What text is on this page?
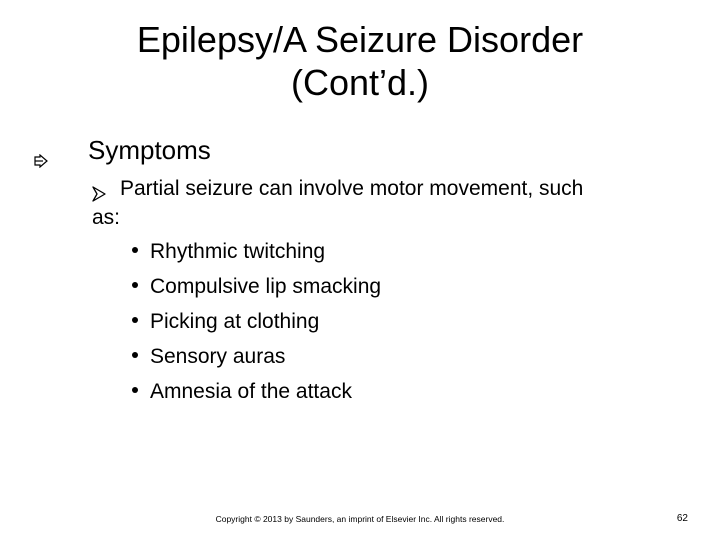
Epilepsy/A Seizure Disorder
(Cont’d.)
Symptoms
Partial seizure can involve motor movement, such
as:
Rhythmic twitching
Compulsive lip smacking
Picking at clothing
Sensory auras
Amnesia of the attack
Copyright © 2013 by Saunders, an imprint of Elsevier Inc. All rights reserved.	62
